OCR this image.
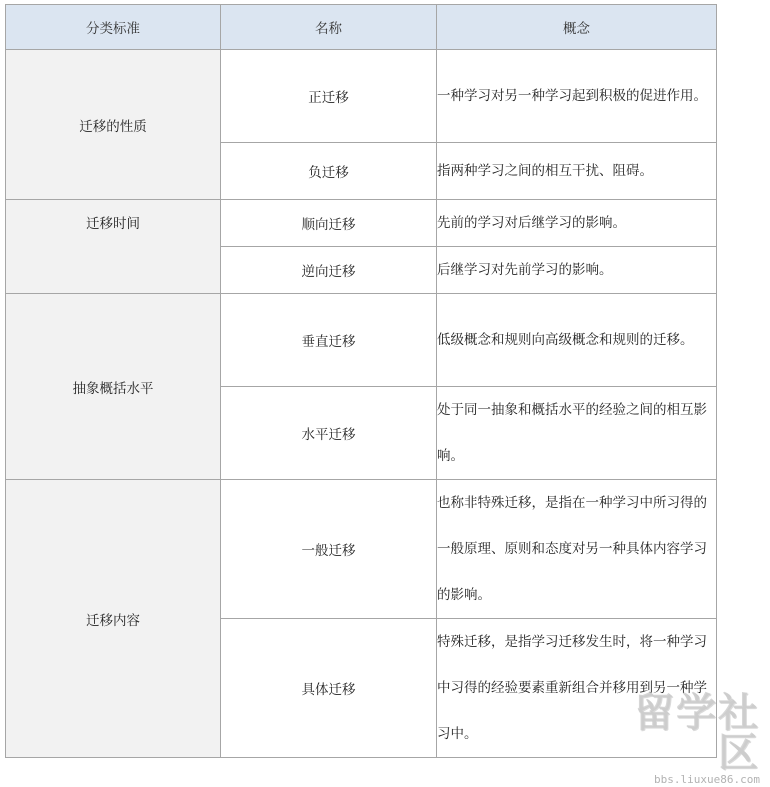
分类标准	名称	概念
迁移的性质	正迁移	一种学习对另一种学习起到积极的促进作用。
	负迁移	指两种学习之间的相互干扰、阻碍。
迁移时间	顺向迁移	先前的学习对后继学习的影响。
	逆向迁移	后继学习对先前学习的影响。
抽象概括水平	垂直迁移	低级概念和规则向高级概念和规则的迁移。
	水平迁移	处于同一抽象和概括水平的经验之间的相互影响。
迁移内容	一般迁移	也称非特殊迁移，是指在一种学习中所习得的一般原理、原则和态度对另一种具体内容学习的影响。
	具体迁移	特殊迁移，是指学习迁移发生时，将一种学习中习得的经验要素重新组合并移用到另一种学习中。	留学社区
bbs.liuxue86.com
